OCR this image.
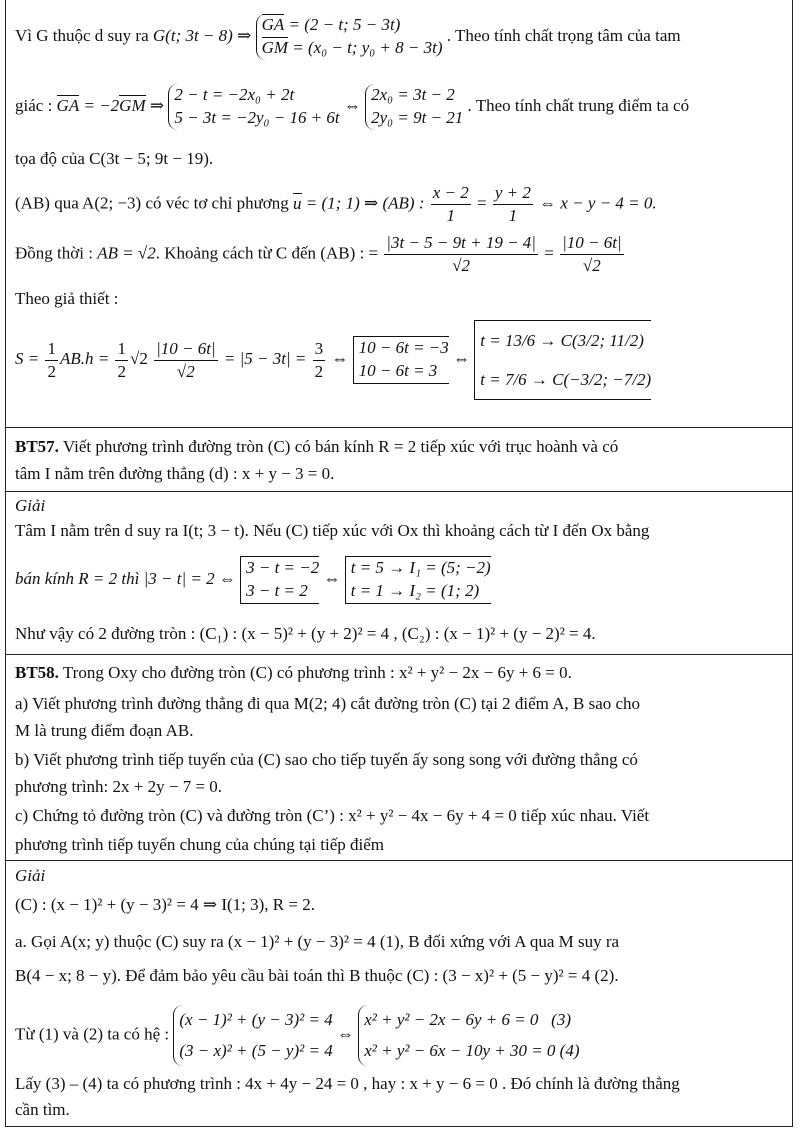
Vì G thuộc d suy ra G(t; 3t − 8) ⇒
GA = (2 − t; 5 − 3t)
GM = (x₀ − t; y₀ + 8 − 3t)
. Theo tính chất trọng tâm của tam
giác : GA = −2GM ⇒
2 − t = −2x₀ + 2t
5 − 3t = −2y₀ − 16 + 6t
⇔
2x₀ = 3t − 2
2y₀ = 9t − 21
. Theo tính chất trung điểm ta có
tọa độ của C(3t − 5; 9t − 19).
(AB) qua A(2; −3) có véc tơ chỉ phương u = (1; 1) ⇒ (AB) : $\frac{x - 2}{1} = \frac{y + 2}{1}$ ⇔ x − y − 4 = 0.
Đồng thời : AB = √2. Khoảng cách từ C đến (AB) : = $\frac{|3t - 5 - 9t + 19 - 4|}{√2} = \frac{|10 - 6t|}{√2}$
Theo giả thiết :
$S = \frac{1}{2} AB.h = \frac{1}{2} √2 \frac{|10 - 6t|}{√2} = |5 - 3t| = \frac{3}{2}$ ⇔
10 − 6t = −3
10 − 6t = 3
⇔
t = 13/6 → C(3/2; 11/2)
t = 7/6 → C(−3/2; −7/2)
BT57. Viết phương trình đường tròn (C) có bán kính R = 2 tiếp xúc với trục hoành và có
tâm I nằm trên đường thẳng (d) : x + y − 3 = 0.
Giải
Tâm I nằm trên d suy ra I(t; 3 − t). Nếu (C) tiếp xúc với Ox thì khoảng cách từ I đến Ox bằng
bán kính R = 2 thì |3 − t| = 2 ⇔
3 − t = −2
3 − t = 2
⇔
t = 5 → I₁ = (5; −2)
t = 1 → I₂ = (1; 2)
Như vậy có 2 đường tròn : (C₁) : (x − 5)² + (y + 2)² = 4 , (C₂) : (x − 1)² + (y − 2)² = 4.
BT58. Trong Oxy cho đường tròn (C) có phương trình : x² + y² − 2x − 6y + 6 = 0.
a) Viết phương trình đường thẳng đi qua M(2; 4) cắt đường tròn (C) tại 2 điểm A, B sao cho
M là trung điểm đoạn AB.
b) Viết phương trình tiếp tuyến của (C) sao cho tiếp tuyến ấy song song với đường thẳng có
phương trình: 2x + 2y − 7 = 0.
c) Chứng tỏ đường tròn (C) và đường tròn (C’) : x² + y² − 4x − 6y + 4 = 0 tiếp xúc nhau. Viết
phương trình tiếp tuyến chung của chúng tại tiếp điểm
Giải
(C) : (x − 1)² + (y − 3)² = 4 ⇒ I(1; 3), R = 2.
a. Gọi A(x; y) thuộc (C) suy ra (x − 1)² + (y − 3)² = 4 (1), B đối xứng với A qua M suy ra
B(4 − x; 8 − y). Để đảm bảo yêu cầu bài toán thì B thuộc (C) : (3 − x)² + (5 − y)² = 4 (2).
Từ (1) và (2) ta có hệ :
(x − 1)² + (y − 3)² = 4
(3 − x)² + (5 − y)² = 4
⇔
x² + y² − 2x − 6y + 6 = 0   (3)
x² + y² − 6x − 10y + 30 = 0 (4)
Lấy (3) – (4) ta có phương trình : 4x + 4y − 24 = 0 , hay : x + y − 6 = 0 . Đó chính là đường thẳng
cần tìm.
